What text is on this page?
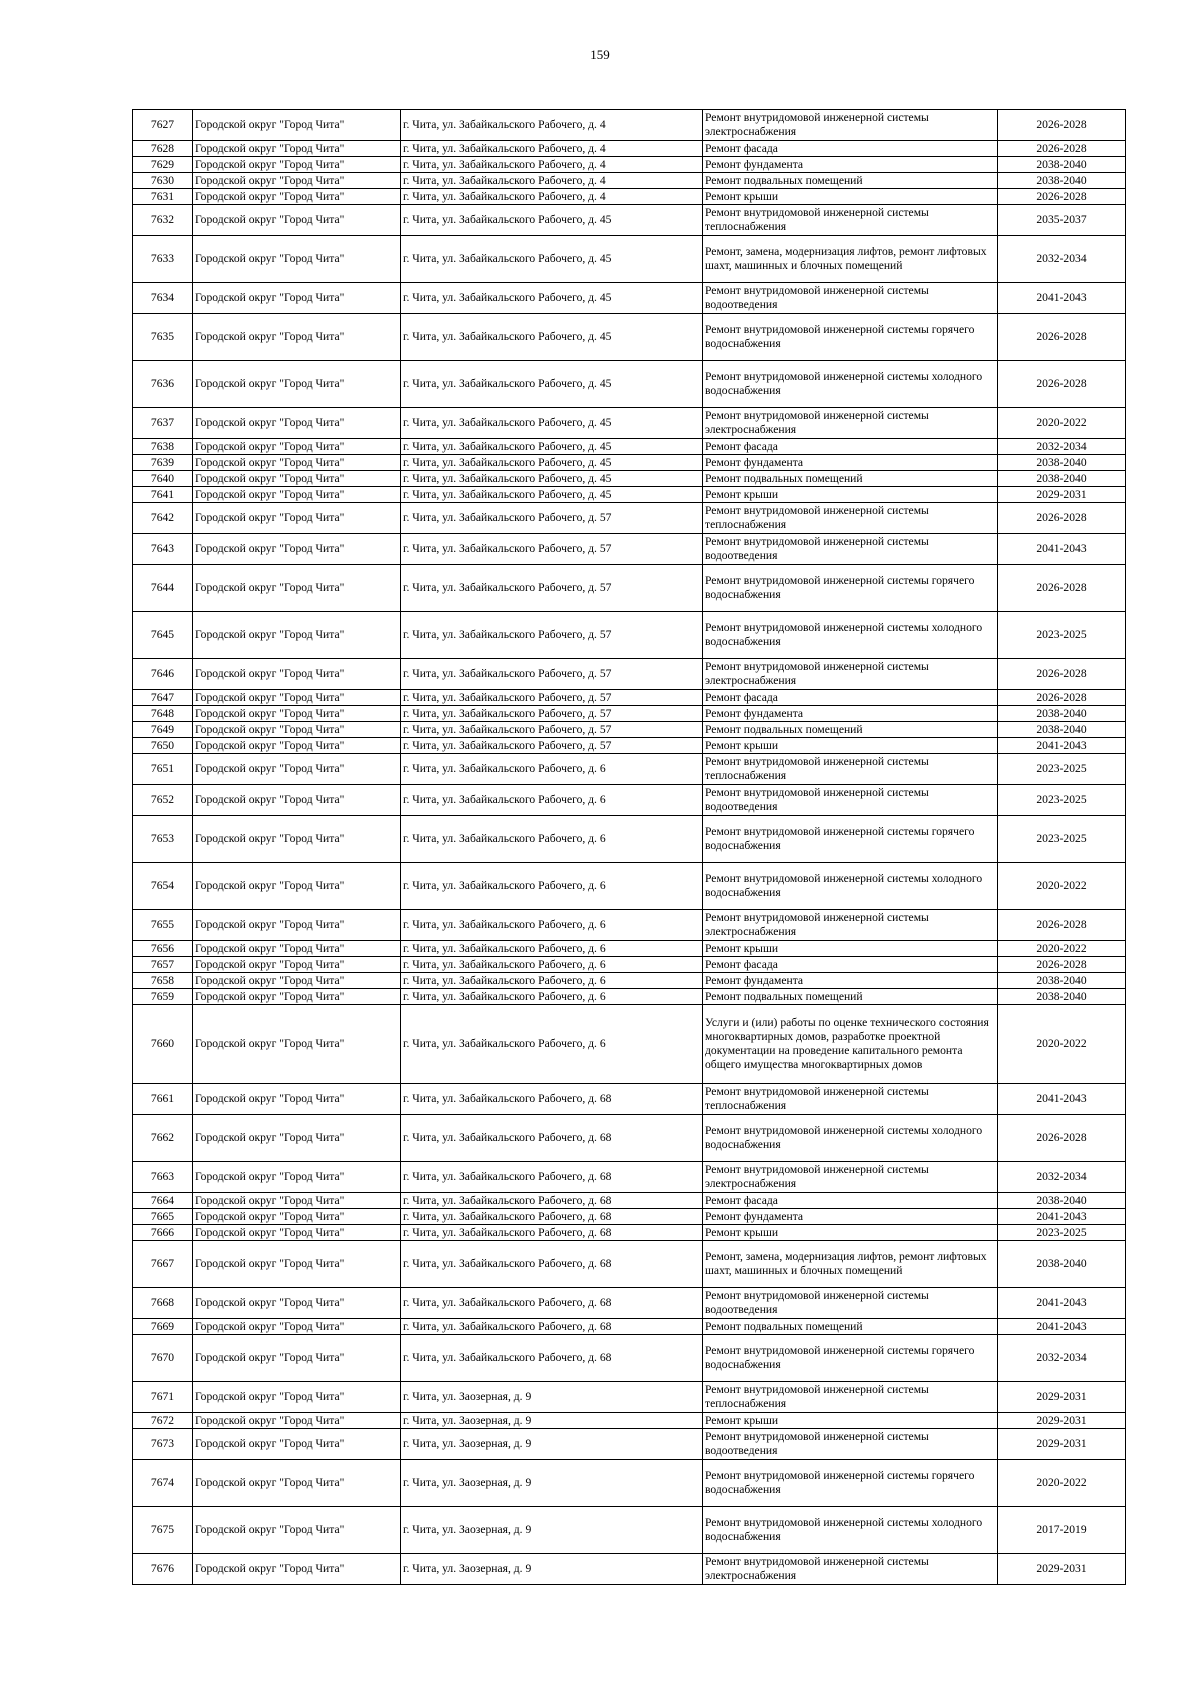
159
7627	Городской округ "Город Чита"	г. Чита, ул. Забайкальского Рабочего, д. 4	Ремонт внутридомовой инженерной системы электроснабжения	2026-2028
7628	Городской округ "Город Чита"	г. Чита, ул. Забайкальского Рабочего, д. 4	Ремонт фасада	2026-2028
7629	Городской округ "Город Чита"	г. Чита, ул. Забайкальского Рабочего, д. 4	Ремонт фундамента	2038-2040
7630	Городской округ "Город Чита"	г. Чита, ул. Забайкальского Рабочего, д. 4	Ремонт подвальных помещений	2038-2040
7631	Городской округ "Город Чита"	г. Чита, ул. Забайкальского Рабочего, д. 4	Ремонт крыши	2026-2028
7632	Городской округ "Город Чита"	г. Чита, ул. Забайкальского Рабочего, д. 45	Ремонт внутридомовой инженерной системы теплоснабжения	2035-2037
7633	Городской округ "Город Чита"	г. Чита, ул. Забайкальского Рабочего, д. 45	Ремонт, замена, модернизация лифтов, ремонт лифтовых шахт, машинных и блочных помещений	2032-2034
7634	Городской округ "Город Чита"	г. Чита, ул. Забайкальского Рабочего, д. 45	Ремонт внутридомовой инженерной системы водоотведения	2041-2043
7635	Городской округ "Город Чита"	г. Чита, ул. Забайкальского Рабочего, д. 45	Ремонт внутридомовой инженерной системы горячего водоснабжения	2026-2028
7636	Городской округ "Город Чита"	г. Чита, ул. Забайкальского Рабочего, д. 45	Ремонт внутридомовой инженерной системы холодного водоснабжения	2026-2028
7637	Городской округ "Город Чита"	г. Чита, ул. Забайкальского Рабочего, д. 45	Ремонт внутридомовой инженерной системы электроснабжения	2020-2022
7638	Городской округ "Город Чита"	г. Чита, ул. Забайкальского Рабочего, д. 45	Ремонт фасада	2032-2034
7639	Городской округ "Город Чита"	г. Чита, ул. Забайкальского Рабочего, д. 45	Ремонт фундамента	2038-2040
7640	Городской округ "Город Чита"	г. Чита, ул. Забайкальского Рабочего, д. 45	Ремонт подвальных помещений	2038-2040
7641	Городской округ "Город Чита"	г. Чита, ул. Забайкальского Рабочего, д. 45	Ремонт крыши	2029-2031
7642	Городской округ "Город Чита"	г. Чита, ул. Забайкальского Рабочего, д. 57	Ремонт внутридомовой инженерной системы теплоснабжения	2026-2028
7643	Городской округ "Город Чита"	г. Чита, ул. Забайкальского Рабочего, д. 57	Ремонт внутридомовой инженерной системы водоотведения	2041-2043
7644	Городской округ "Город Чита"	г. Чита, ул. Забайкальского Рабочего, д. 57	Ремонт внутридомовой инженерной системы горячего водоснабжения	2026-2028
7645	Городской округ "Город Чита"	г. Чита, ул. Забайкальского Рабочего, д. 57	Ремонт внутридомовой инженерной системы холодного водоснабжения	2023-2025
7646	Городской округ "Город Чита"	г. Чита, ул. Забайкальского Рабочего, д. 57	Ремонт внутридомовой инженерной системы электроснабжения	2026-2028
7647	Городской округ "Город Чита"	г. Чита, ул. Забайкальского Рабочего, д. 57	Ремонт фасада	2026-2028
7648	Городской округ "Город Чита"	г. Чита, ул. Забайкальского Рабочего, д. 57	Ремонт фундамента	2038-2040
7649	Городской округ "Город Чита"	г. Чита, ул. Забайкальского Рабочего, д. 57	Ремонт подвальных помещений	2038-2040
7650	Городской округ "Город Чита"	г. Чита, ул. Забайкальского Рабочего, д. 57	Ремонт крыши	2041-2043
7651	Городской округ "Город Чита"	г. Чита, ул. Забайкальского Рабочего, д. 6	Ремонт внутридомовой инженерной системы теплоснабжения	2023-2025
7652	Городской округ "Город Чита"	г. Чита, ул. Забайкальского Рабочего, д. 6	Ремонт внутридомовой инженерной системы водоотведения	2023-2025
7653	Городской округ "Город Чита"	г. Чита, ул. Забайкальского Рабочего, д. 6	Ремонт внутридомовой инженерной системы горячего водоснабжения	2023-2025
7654	Городской округ "Город Чита"	г. Чита, ул. Забайкальского Рабочего, д. 6	Ремонт внутридомовой инженерной системы холодного водоснабжения	2020-2022
7655	Городской округ "Город Чита"	г. Чита, ул. Забайкальского Рабочего, д. 6	Ремонт внутридомовой инженерной системы электроснабжения	2026-2028
7656	Городской округ "Город Чита"	г. Чита, ул. Забайкальского Рабочего, д. 6	Ремонт крыши	2020-2022
7657	Городской округ "Город Чита"	г. Чита, ул. Забайкальского Рабочего, д. 6	Ремонт фасада	2026-2028
7658	Городской округ "Город Чита"	г. Чита, ул. Забайкальского Рабочего, д. 6	Ремонт фундамента	2038-2040
7659	Городской округ "Город Чита"	г. Чита, ул. Забайкальского Рабочего, д. 6	Ремонт подвальных помещений	2038-2040
7660	Городской округ "Город Чита"	г. Чита, ул. Забайкальского Рабочего, д. 6	Услуги и (или) работы по оценке технического состояния многоквартирных домов, разработке проектной документации на проведение капитального ремонта общего имущества многоквартирных домов	2020-2022
7661	Городской округ "Город Чита"	г. Чита, ул. Забайкальского Рабочего, д. 68	Ремонт внутридомовой инженерной системы теплоснабжения	2041-2043
7662	Городской округ "Город Чита"	г. Чита, ул. Забайкальского Рабочего, д. 68	Ремонт внутридомовой инженерной системы холодного водоснабжения	2026-2028
7663	Городской округ "Город Чита"	г. Чита, ул. Забайкальского Рабочего, д. 68	Ремонт внутридомовой инженерной системы электроснабжения	2032-2034
7664	Городской округ "Город Чита"	г. Чита, ул. Забайкальского Рабочего, д. 68	Ремонт фасада	2038-2040
7665	Городской округ "Город Чита"	г. Чита, ул. Забайкальского Рабочего, д. 68	Ремонт фундамента	2041-2043
7666	Городской округ "Город Чита"	г. Чита, ул. Забайкальского Рабочего, д. 68	Ремонт крыши	2023-2025
7667	Городской округ "Город Чита"	г. Чита, ул. Забайкальского Рабочего, д. 68	Ремонт, замена, модернизация лифтов, ремонт лифтовых шахт, машинных и блочных помещений	2038-2040
7668	Городской округ "Город Чита"	г. Чита, ул. Забайкальского Рабочего, д. 68	Ремонт внутридомовой инженерной системы водоотведения	2041-2043
7669	Городской округ "Город Чита"	г. Чита, ул. Забайкальского Рабочего, д. 68	Ремонт подвальных помещений	2041-2043
7670	Городской округ "Город Чита"	г. Чита, ул. Забайкальского Рабочего, д. 68	Ремонт внутридомовой инженерной системы горячего водоснабжения	2032-2034
7671	Городской округ "Город Чита"	г. Чита, ул. Заозерная, д. 9	Ремонт внутридомовой инженерной системы теплоснабжения	2029-2031
7672	Городской округ "Город Чита"	г. Чита, ул. Заозерная, д. 9	Ремонт крыши	2029-2031
7673	Городской округ "Город Чита"	г. Чита, ул. Заозерная, д. 9	Ремонт внутридомовой инженерной системы водоотведения	2029-2031
7674	Городской округ "Город Чита"	г. Чита, ул. Заозерная, д. 9	Ремонт внутридомовой инженерной системы горячего водоснабжения	2020-2022
7675	Городской округ "Город Чита"	г. Чита, ул. Заозерная, д. 9	Ремонт внутридомовой инженерной системы холодного водоснабжения	2017-2019
7676	Городской округ "Город Чита"	г. Чита, ул. Заозерная, д. 9	Ремонт внутридомовой инженерной системы электроснабжения	2029-2031
